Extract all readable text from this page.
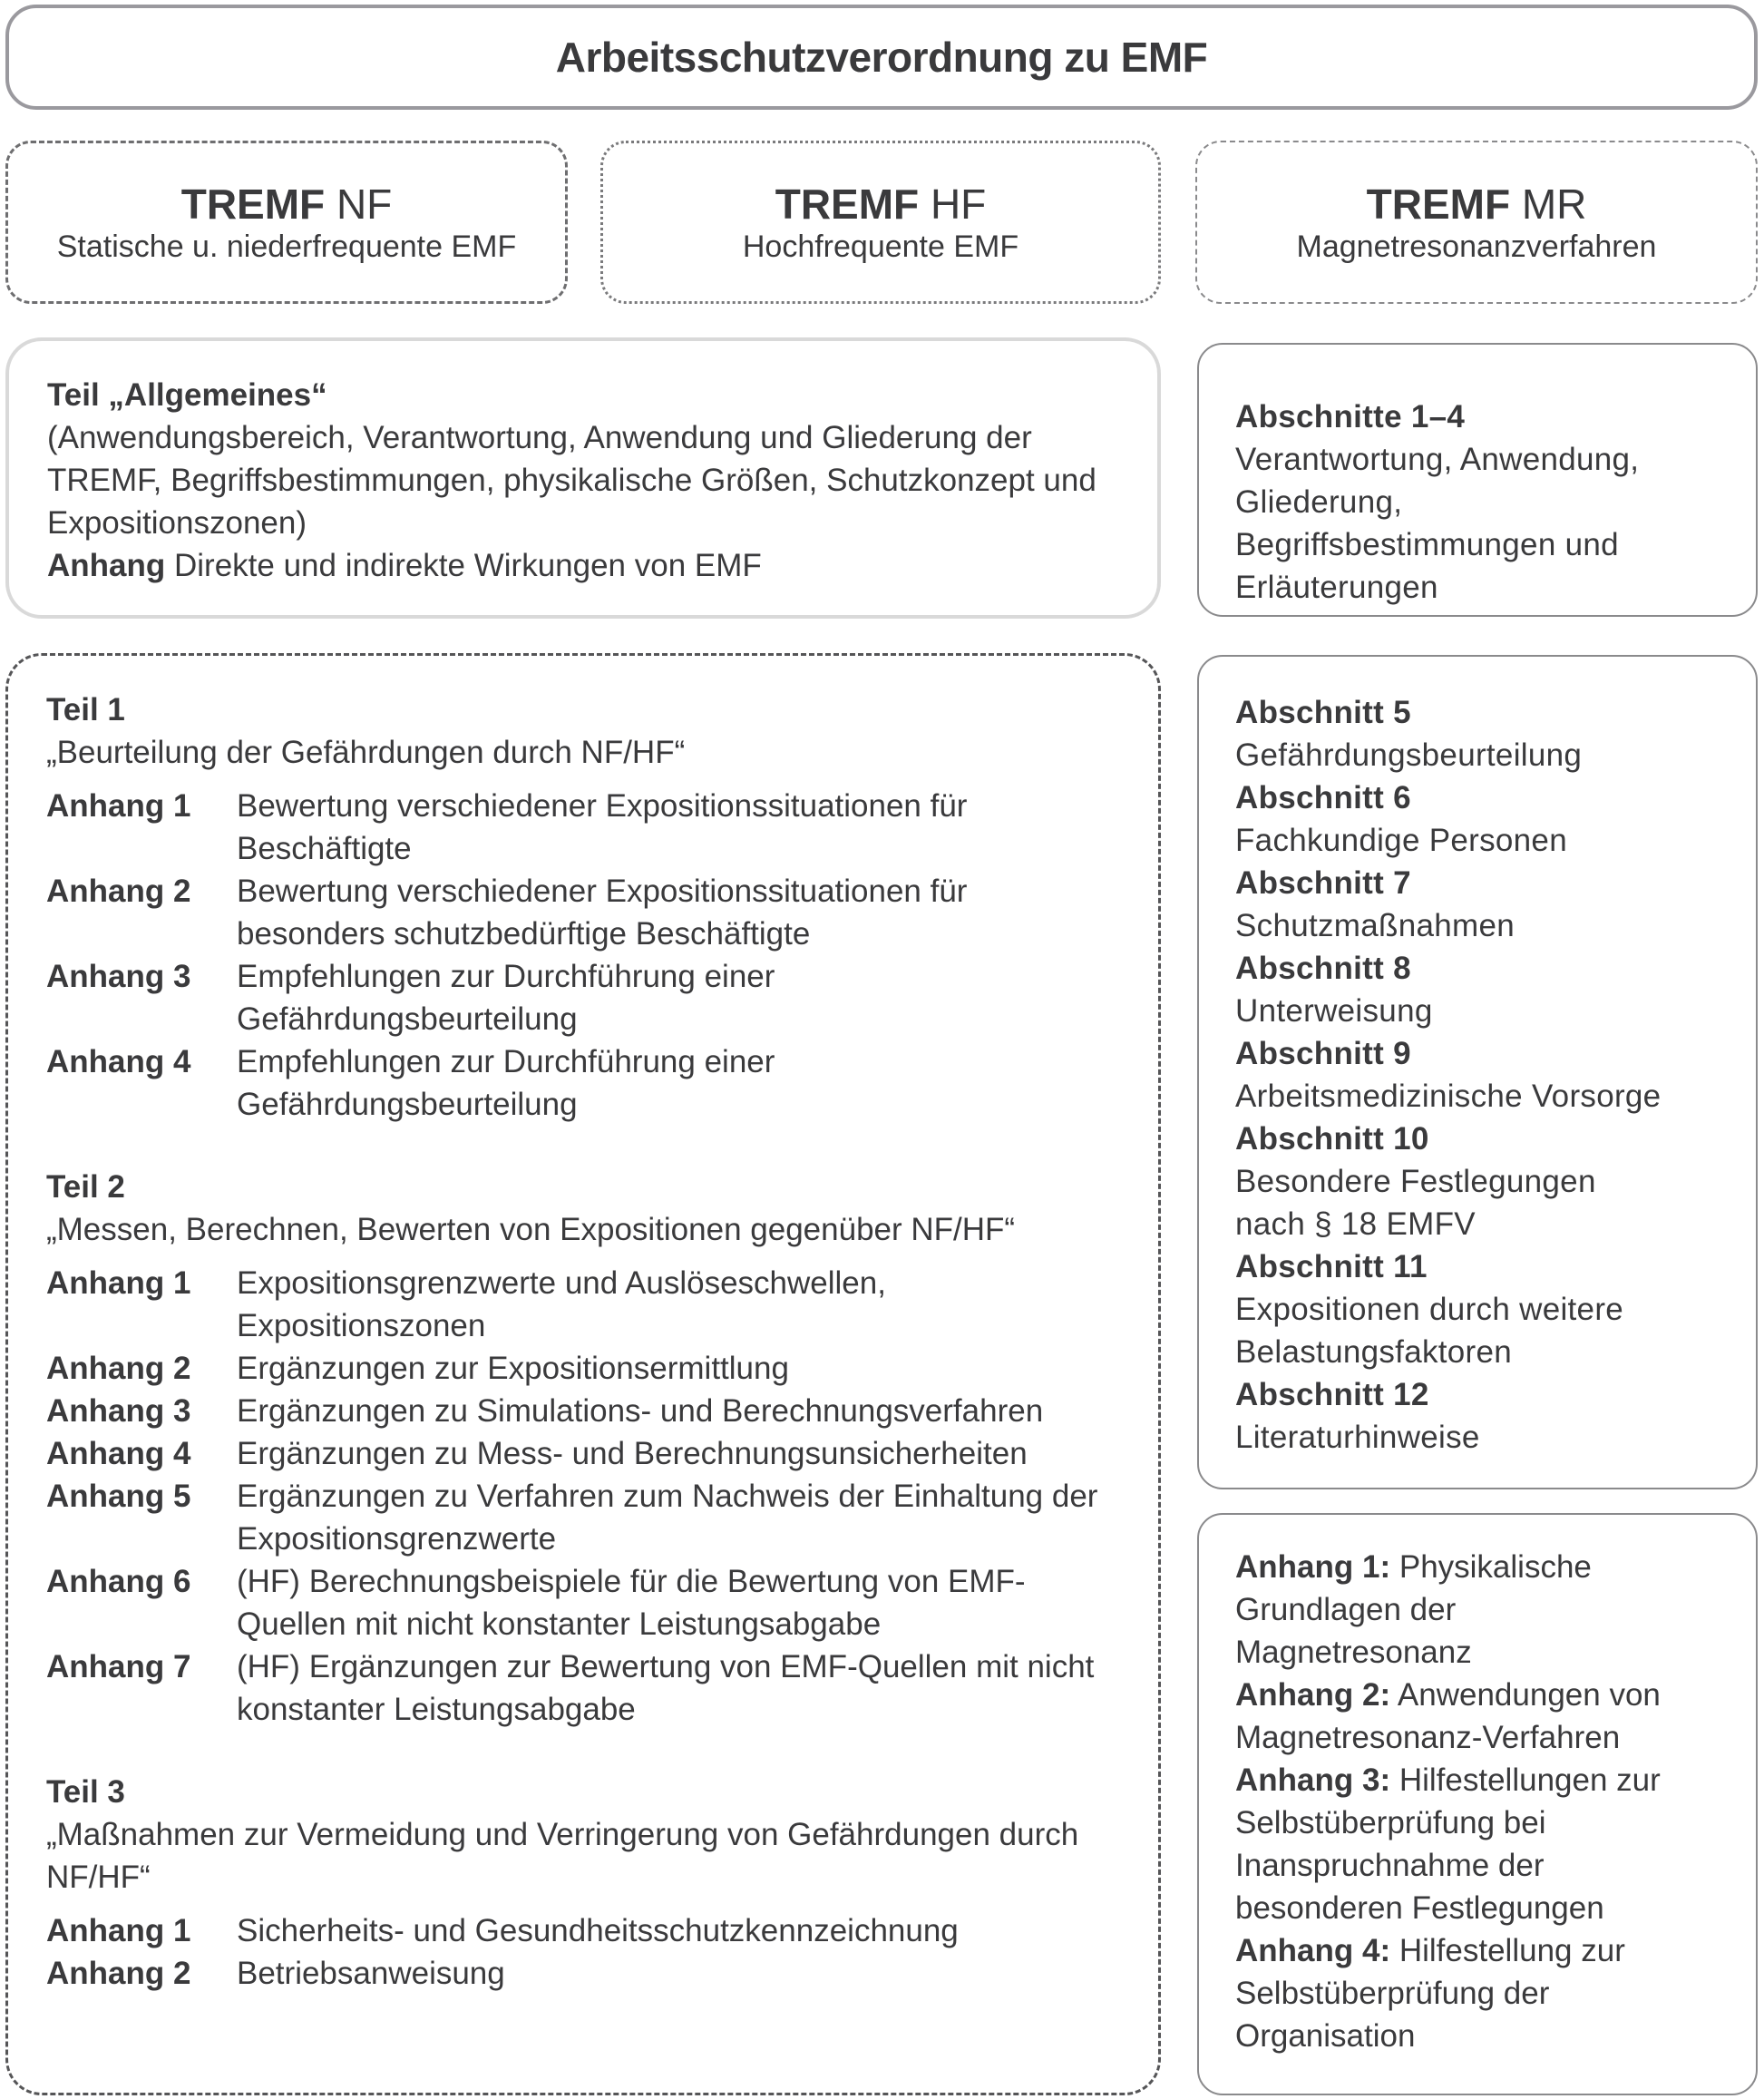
Arbeitsschutzverordnung zu EMF
TREMF NF
Statische u. niederfrequente EMF
TREMF HF
Hochfrequente EMF
TREMF MR
Magnetresonanzverfahren
Teil „Allgemeines“
(Anwendungsbereich, Verantwortung, Anwendung und Gliederung der TREMF, Begriffsbestimmungen, physikalische Größen, Schutzkonzept und Expositionszonen)
Anhang Direkte und indirekte Wirkungen von EMF
Abschnitte 1–4
Verantwortung, Anwendung, Gliederung, Begriffsbestimmungen und Erläuterungen
Teil 1
„Beurteilung der Gefährdungen durch NF/HF“
Anhang 1	Bewertung verschiedener Expositionssituationen für Beschäftigte
Anhang 2	Bewertung verschiedener Expositionssituationen für besonders schutzbedürftige Beschäftigte
Anhang 3	Empfehlungen zur Durchführung einer Gefährdungsbeurteilung
Anhang 4	Empfehlungen zur Durchführung einer Gefährdungsbeurteilung
Teil 2
„Messen, Berechnen, Bewerten von Expositionen gegenüber NF/HF“
Anhang 1	Expositionsgrenzwerte und Auslöseschwellen, Expositionszonen
Anhang 2	Ergänzungen zur Expositionsermittlung
Anhang 3	Ergänzungen zu Simulations- und Berechnungsverfahren
Anhang 4	Ergänzungen zu Mess- und Berechnungsunsicherheiten
Anhang 5	Ergänzungen zu Verfahren zum Nachweis der Einhaltung der Expositionsgrenzwerte
Anhang 6	(HF) Berechnungsbeispiele für die Bewertung von EMF-Quellen mit nicht konstanter Leistungsabgabe
Anhang 7	(HF) Ergänzungen zur Bewertung von EMF-Quellen mit nicht konstanter Leistungsabgabe
Teil 3
„Maßnahmen zur Vermeidung und Verringerung von Gefährdungen durch NF/HF“
Anhang 1	Sicherheits- und Gesundheitsschutzkennzeichnung
Anhang 2	Betriebsanweisung
Abschnitt 5
Gefährdungsbeurteilung
Abschnitt 6
Fachkundige Personen
Abschnitt 7
Schutzmaßnahmen
Abschnitt 8
Unterweisung
Abschnitt 9
Arbeitsmedizinische Vorsorge
Abschnitt 10
Besondere Festlegungen nach § 18 EMFV
Abschnitt 11
Expositionen durch weitere Belastungsfaktoren
Abschnitt 12
Literaturhinweise
Anhang 1: Physikalische Grundlagen der Magnetresonanz
Anhang 2: Anwendungen von Magnetresonanz-Verfahren
Anhang 3: Hilfestellungen zur Selbstüberprüfung bei Inanspruchnahme der besonderen Festlegungen
Anhang 4: Hilfestellung zur Selbstüberprüfung der Organisation
